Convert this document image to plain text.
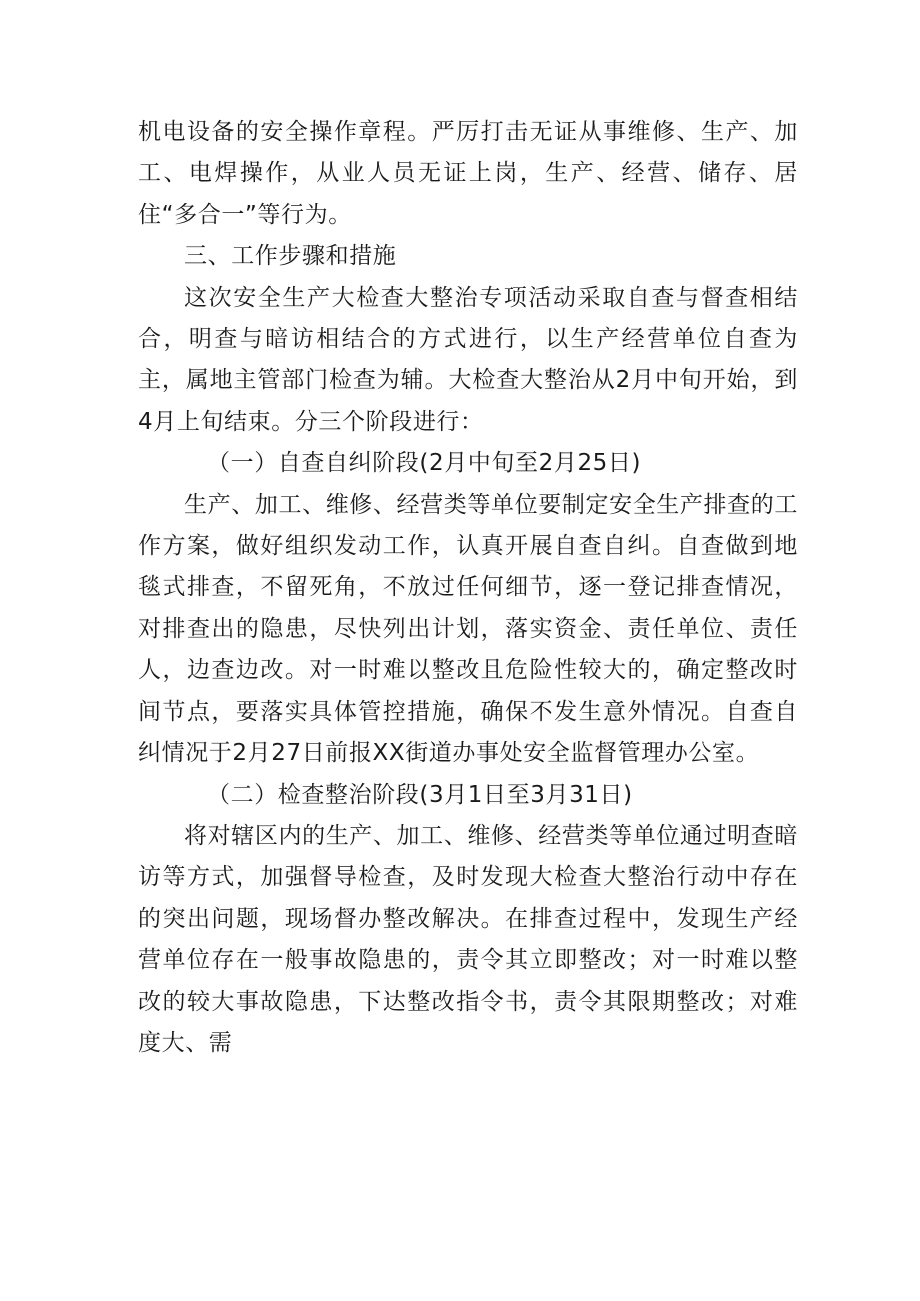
机电设备的安全操作章程。严厉打击无证从事维修、生产、加工、电焊操作，从业人员无证上岗，生产、经营、储存、居住“多合一”等行为。

三、工作步骤和措施

这次安全生产大检查大整治专项活动采取自查与督查相结合，明查与暗访相结合的方式进行，以生产经营单位自查为主，属地主管部门检查为辅。大检查大整治从2月中旬开始，到4月上旬结束。分三个阶段进行：

（一）自查自纠阶段(2月中旬至2月25日)

生产、加工、维修、经营类等单位要制定安全生产排查的工作方案，做好组织发动工作，认真开展自查自纠。自查做到地毯式排查，不留死角，不放过任何细节，逐一登记排查情况，对排查出的隐患，尽快列出计划，落实资金、责任单位、责任人，边查边改。对一时难以整改且危险性较大的，确定整改时间节点，要落实具体管控措施，确保不发生意外情况。自查自纠情况于2月27日前报XX街道办事处安全监督管理办公室。

（二）检查整治阶段(3月1日至3月31日)

将对辖区内的生产、加工、维修、经营类等单位通过明查暗访等方式，加强督导检查，及时发现大检查大整治行动中存在的突出问题，现场督办整改解决。在排查过程中，发现生产经营单位存在一般事故隐患的，责令其立即整改；对一时难以整改的较大事故隐患，下达整改指令书，责令其限期整改；对难度大、需
